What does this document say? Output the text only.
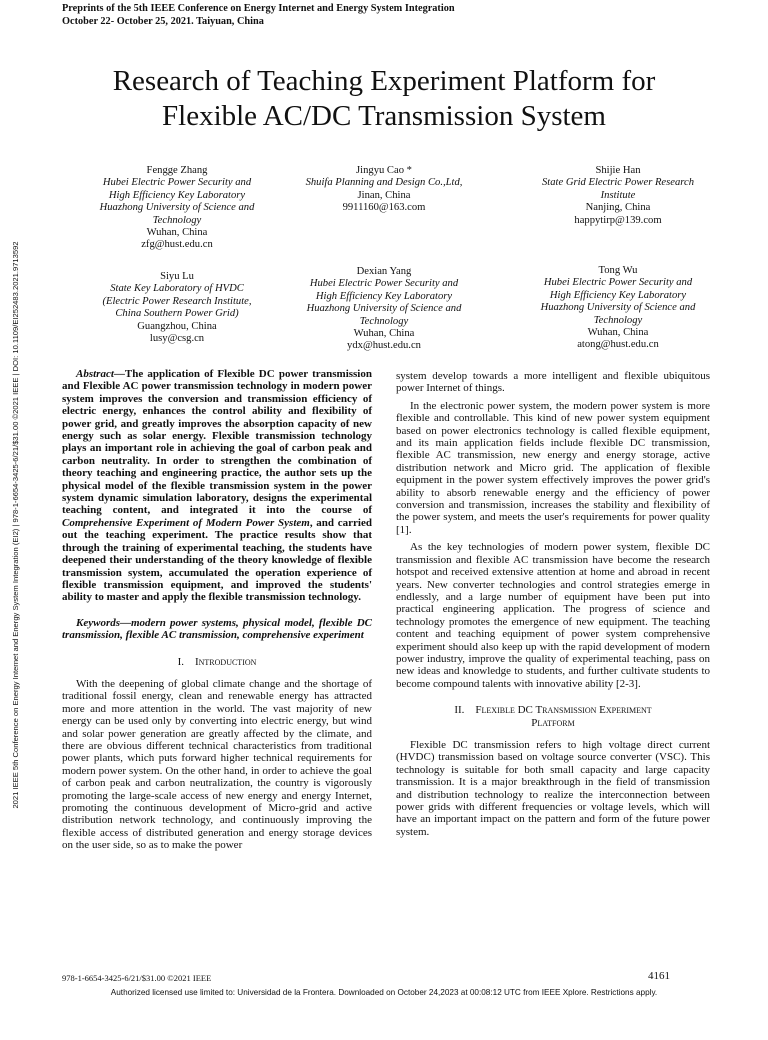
Preprints of the 5th IEEE Conference on Energy Internet and Energy System Integration
October 22- October 25, 2021. Taiyuan, China
Research of Teaching Experiment Platform for
Flexible AC/DC Transmission System
Fengge Zhang
Hubei Electric Power Security and
High Efficiency Key Laboratory
Huazhong University of Science and
Technology
Wuhan, China
zfg@hust.edu.cn
Jingyu Cao *
Shuifa Planning and Design Co.,Ltd,
Jinan, China
9911160@163.com
Shijie Han
State Grid Electric Power Research
Institute
Nanjing, China
happytirp@139.com
Siyu Lu
State Key Laboratory of HVDC
(Electric Power Research Institute,
China Southern Power Grid)
Guangzhou, China
lusy@csg.cn
Dexian Yang
Hubei Electric Power Security and
High Efficiency Key Laboratory
Huazhong University of Science and
Technology
Wuhan, China
ydx@hust.edu.cn
Tong Wu
Hubei Electric Power Security and
High Efficiency Key Laboratory
Huazhong University of Science and
Technology
Wuhan, China
atong@hust.edu.cn
2021 IEEE 5th Conference on Energy Internet and Energy System Integration (EI2) | 978-1-6654-3425-6/21/$31.00 ©2021 IEEE | DOI: 10.1109/EI252483.2021.9713592	Abstract—The application of Flexible DC power transmission and Flexible AC power transmission technology in modern power system improves the conversion and transmission efficiency of electric energy, enhances the control ability and flexibility of power grid, and greatly improves the absorption capacity of new energy such as solar energy. Flexible transmission technology plays an important role in achieving the goal of carbon peak and carbon neutrality. In order to strengthen the combination of theory teaching and engineering practice, the author sets up the physical model of the flexible transmission system in the power system dynamic simulation laboratory, designs the experimental teaching content, and integrated it into the course of Comprehensive Experiment of Modern Power System, and carried out the teaching experiment. The practice results show that through the training of experimental teaching, the students have deepened their understanding of the theory knowledge of flexible transmission system, accumulated the operation experience of flexible transmission equipment, and improved the students' ability to master and apply the flexible transmission technology.

Keywords—modern power systems, physical model, flexible DC transmission, flexible AC transmission, comprehensive experiment

I. Introduction

With the deepening of global climate change and the shortage of traditional fossil energy, clean and renewable energy has attracted more and more attention in the world. The vast majority of new energy can be used only by converting into electric energy, but wind and solar power generation are greatly affected by the climate, and there are obvious different technical characteristics from traditional power plants, which puts forward higher technical requirements for modern power system. On the other hand, in order to achieve the goal of carbon peak and carbon neutralization, the country is vigorously promoting the large-scale access of new energy and energy Internet, promoting the continuous development of Micro-grid and active distribution network technology, and continuously improving the flexible access of distributed generation and energy storage devices on the user side, so as to make the power

system develop towards a more intelligent and flexible ubiquitous power Internet of things.

In the electronic power system, the modern power system is more flexible and controllable. This kind of new power system equipment based on power electronics technology is called flexible equipment, and its main application fields include flexible DC transmission, flexible AC transmission, new energy and energy storage, active distribution network and Micro grid. The application of flexible equipment in the power system effectively improves the power grid's ability to absorb renewable energy and the efficiency of power conversion and transmission, increases the stability and flexibility of the power system, and meets the user's requirements for power quality [1].

As the key technologies of modern power system, flexible DC transmission and flexible AC transmission have become the research hotspot and received extensive attention at home and abroad in recent years. New converter technologies and control strategies emerge in endlessly, and a large number of equipment have been put into practical engineering application. The progress of science and technology promotes the emergence of new equipment. The teaching content and teaching equipment of power system comprehensive experiment should also keep up with the rapid development of modern power industry, improve the quality of experimental teaching, pass on new ideas and knowledge to students, and further cultivate students to become compound talents with innovative ability [2-3].

II. Flexible DC Transmission Experiment
Platform

Flexible DC transmission refers to high voltage direct current (HVDC) transmission based on voltage source converter (VSC). This technology is suitable for both small capacity and large capacity transmission. It is a major breakthrough in the field of transmission and distribution technology to realize the interconnection between power grids with different frequencies or voltage levels, which will have an important impact on the pattern and form of the future power system.

978-1-6654-3425-6/21/$31.00 ©2021 IEEE	4161
Authorized licensed use limited to: Universidad de la Frontera. Downloaded on October 24,2023 at 00:08:12 UTC from IEEE Xplore. Restrictions apply.
